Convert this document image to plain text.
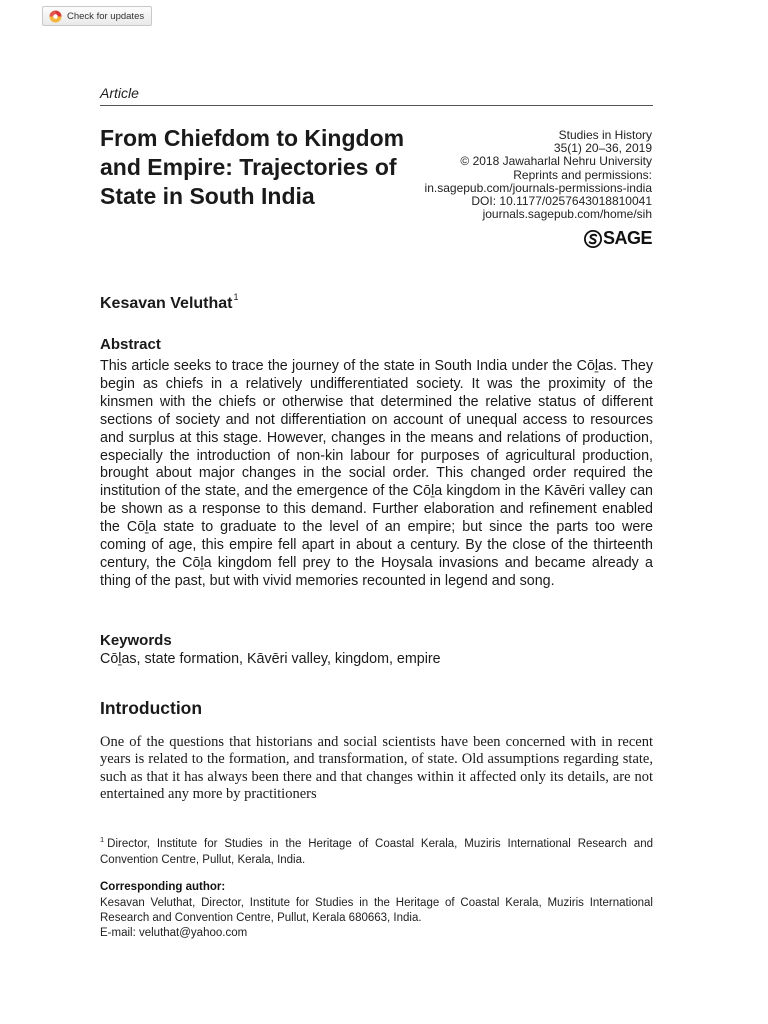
Check for updates
Article
From Chiefdom to Kingdom and Empire: Trajectories of State in South India
Studies in History
35(1) 20–36, 2019
© 2018 Jawaharlal Nehru University
Reprints and permissions:
in.sagepub.com/journals-permissions-india
DOI: 10.1177/0257643018810041
journals.sagepub.com/home/sih
SAGE
Kesavan Veluthat$^1$
Abstract

This article seeks to trace the journey of the state in South India under the Cōḻas. They begin as chiefs in a relatively undifferentiated society. It was the proximity of the kinsmen with the chiefs or otherwise that determined the relative status of different sections of society and not differentiation on account of unequal access to resources and surplus at this stage. However, changes in the means and relations of production, especially the introduction of non-kin labour for purposes of agricultural production, brought about major changes in the social order. This changed order required the institution of the state, and the emergence of the Cōḻa kingdom in the Kāvēri valley can be shown as a response to this demand. Further elaboration and refinement enabled the Cōḻa state to graduate to the level of an empire; but since the parts too were coming of age, this empire fell apart in about a century. By the close of the thirteenth century, the Cōḻa kingdom fell prey to the Hoysala invasions and became already a thing of the past, but with vivid memories recounted in legend and song.

Keywords

Cōḻas, state formation, Kāvēri valley, kingdom, empire

Introduction

One of the questions that historians and social scientists have been concerned with in recent years is related to the formation, and transformation, of state. Old assumptions regarding state, such as that it has always been there and that changes within it affected only its details, are not entertained any more by practitioners

$^1$ Director, Institute for Studies in the Heritage of Coastal Kerala, Muziris International Research and Convention Centre, Pullut, Kerala, India.

Corresponding author:

Kesavan Veluthat, Director, Institute for Studies in the Heritage of Coastal Kerala, Muziris International Research and Convention Centre, Pullut, Kerala 680663, India.
E-mail: veluthat@yahoo.com
